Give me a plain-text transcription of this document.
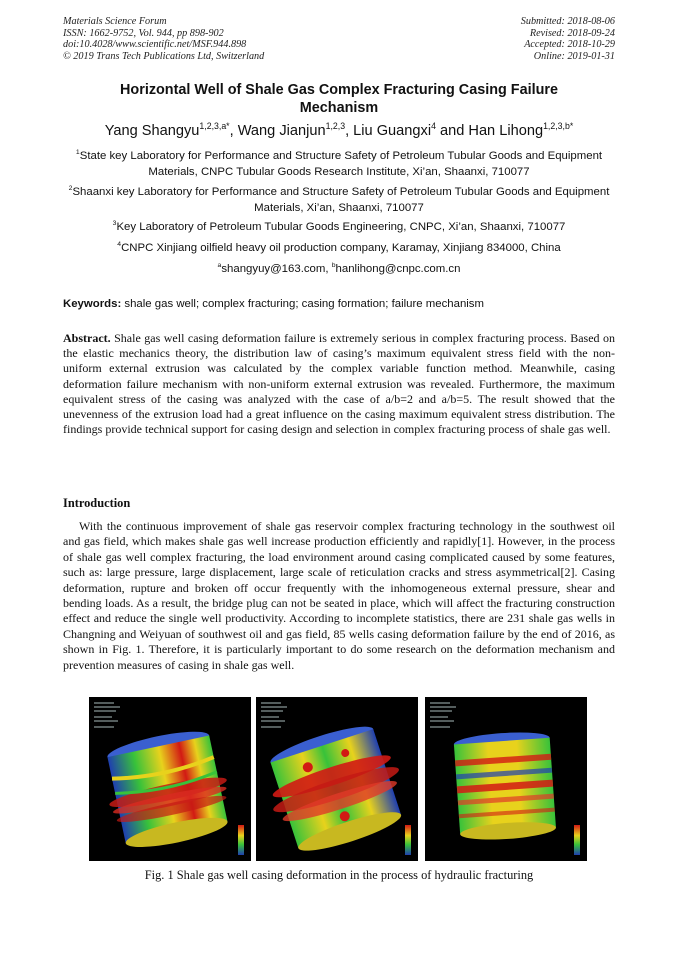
Materials Science Forum
ISSN: 1662-9752, Vol. 944, pp 898-902
doi:10.4028/www.scientific.net/MSF.944.898
© 2019 Trans Tech Publications Ltd, Switzerland
Submitted: 2018-08-06
Revised: 2018-09-24
Accepted: 2018-10-29
Online: 2019-01-31
Horizontal Well of Shale Gas Complex Fracturing Casing Failure
Mechanism
Yang Shangyu$^{1,2,3,a*}$, Wang Jianjun$^{1,2,3}$, Liu Guangxi$^4$ and Han Lihong$^{1,2,3,b*}$
$^1$State key Laboratory for Performance and Structure Safety of Petroleum Tubular Goods and Equipment Materials, CNPC Tubular Goods Research Institute, Xi’an, Shaanxi, 710077
$^2$Shaanxi key Laboratory for Performance and Structure Safety of Petroleum Tubular Goods and Equipment Materials, Xi’an, Shaanxi, 710077
$^3$Key Laboratory of Petroleum Tubular Goods Engineering, CNPC, Xi’an, Shaanxi, 710077
$^4$CNPC Xinjiang oilfield heavy oil production company, Karamay, Xinjiang 834000, China
$^a$shangyuy@163.com, $^b$hanlihong@cnpc.com.cn
Keywords: shale gas well; complex fracturing; casing formation; failure mechanism
Abstract. Shale gas well casing deformation failure is extremely serious in complex fracturing process. Based on the elastic mechanics theory, the distribution law of casing’s maximum equivalent stress field with the non-uniform external extrusion was calculated by the complex variable function method. Meanwhile, casing deformation failure mechanism with non-uniform external extrusion was revealed. Furthermore, the maximum equivalent stress of the casing was analyzed with the case of a/b=2 and a/b=5. The result showed that the unevenness of the extrusion load had a great influence on the casing maximum equivalent stress distribution. The findings provide technical support for casing design and selection in complex fracturing process of shale gas well.
Introduction
With the continuous improvement of shale gas reservoir complex fracturing technology in the southwest oil and gas field, which makes shale gas well increase production efficiently and rapidly[1]. However, in the process of shale gas well complex fracturing, the load environment around casing complicated caused by some features, such as: large pressure, large displacement, large scale of reticulation cracks and stress asymmetrical[2]. Casing deformation, rupture and broken off occur frequently with the inhomogeneous external pressure, shear and bending loads. As a result, the bridge plug can not be seated in place, which will affect the fracturing construction effect and reduce the single well productivity. According to incomplete statistics, there are 231 shale gas wells in Changning and Weiyuan of southwest oil and gas field, 85 wells casing deformation failure by the end of 2016, as shown in Fig. 1. Therefore, it is particularly important to do some research on the deformation mechanism and prevention measures of casing in shale gas well.
Fig. 1 Shale gas well casing deformation in the process of hydraulic fracturing
